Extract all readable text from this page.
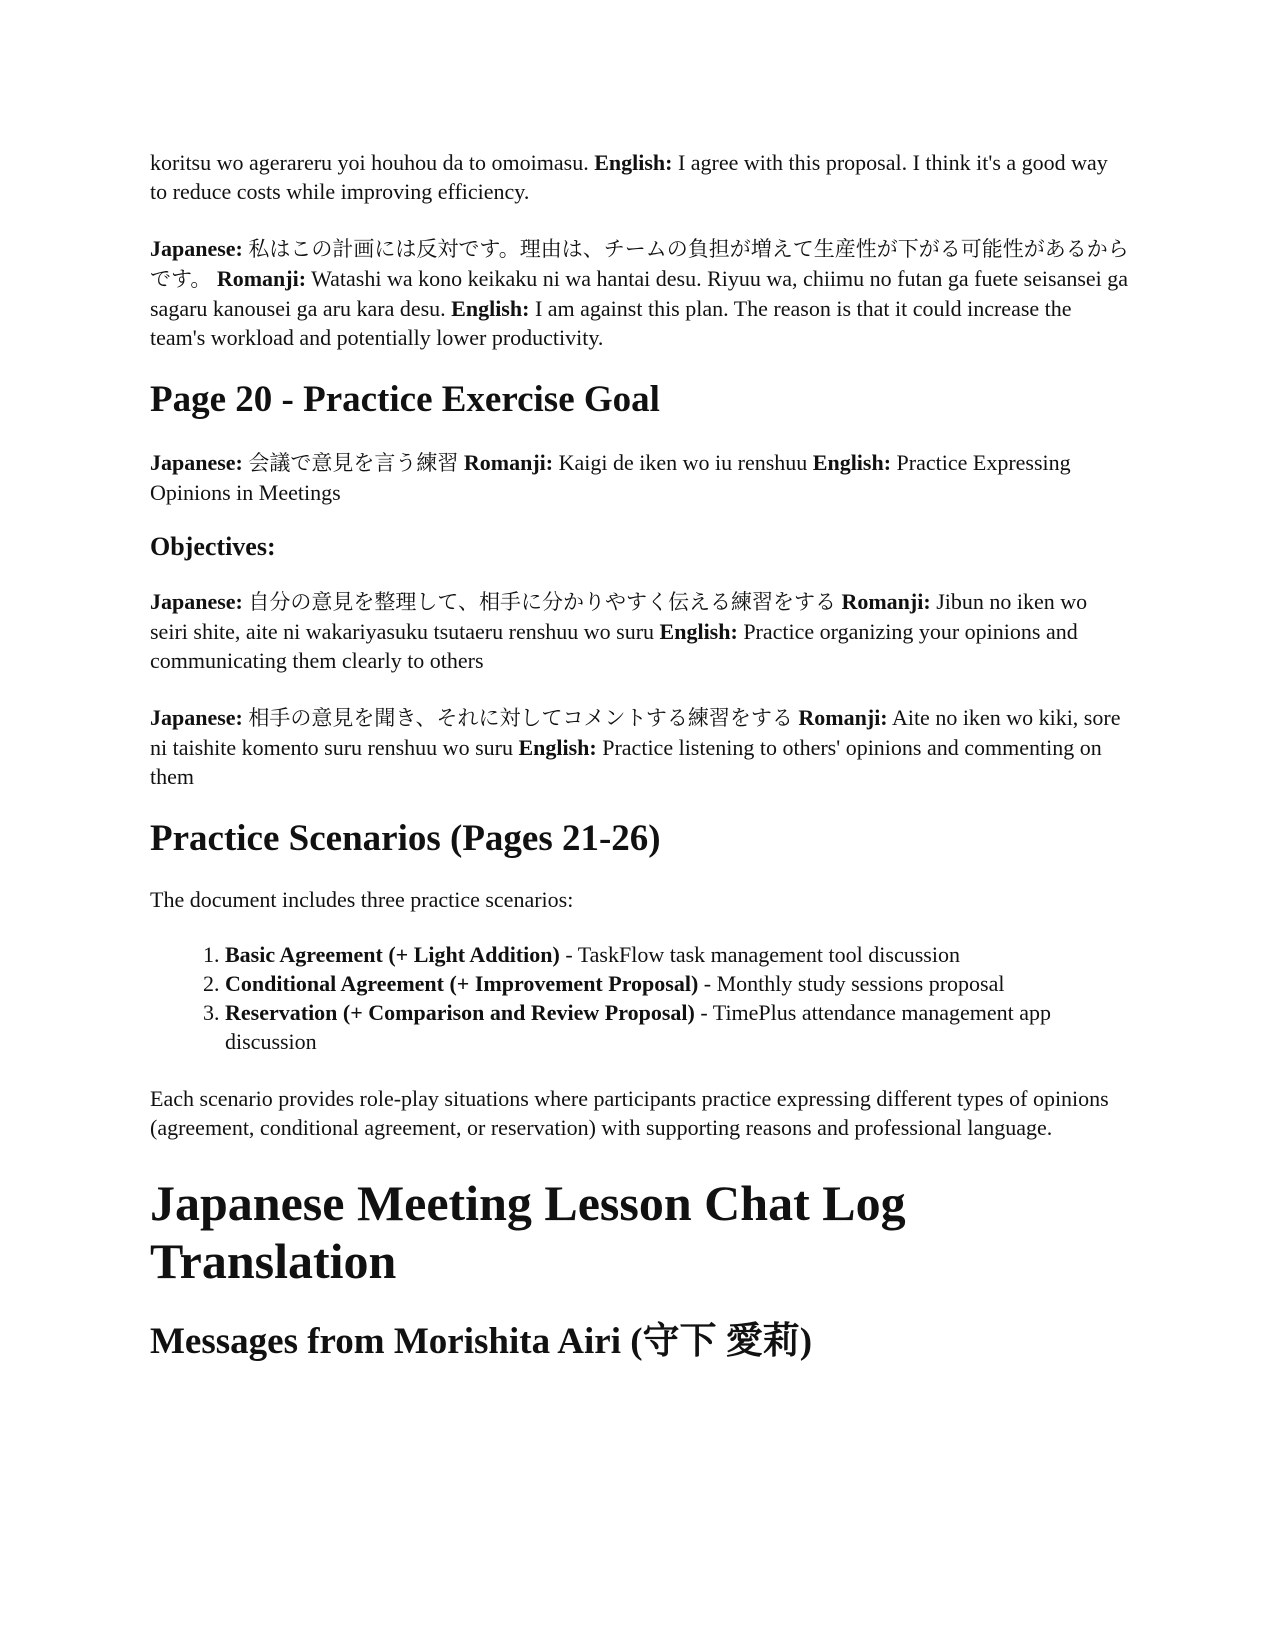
koritsu wo agerareru yoi houhou da to omoimasu. English: I agree with this proposal. I think it's a good way to reduce costs while improving efficiency.

Japanese: 私はこの計画には反対です。理由は、チームの負担が増えて生産性が下がる可能性があるからです。 Romanji: Watashi wa kono keikaku ni wa hantai desu. Riyuu wa, chiimu no futan ga fuete seisansei ga sagaru kanousei ga aru kara desu. English: I am against this plan. The reason is that it could increase the team's workload and potentially lower productivity.

Page 20 - Practice Exercise Goal

Japanese: 会議で意見を言う練習 Romanji: Kaigi de iken wo iu renshuu English: Practice Expressing Opinions in Meetings

Objectives:

Japanese: 自分の意見を整理して、相手に分かりやすく伝える練習をする Romanji: Jibun no iken wo seiri shite, aite ni wakariyasuku tsutaeru renshuu wo suru English: Practice organizing your opinions and communicating them clearly to others

Japanese: 相手の意見を聞き、それに対してコメントする練習をする Romanji: Aite no iken wo kiki, sore ni taishite komento suru renshuu wo suru English: Practice listening to others' opinions and commenting on them

Practice Scenarios (Pages 21-26)

The document includes three practice scenarios:

1. Basic Agreement (+ Light Addition) - TaskFlow task management tool discussion
2. Conditional Agreement (+ Improvement Proposal) - Monthly study sessions proposal
3. Reservation (+ Comparison and Review Proposal) - TimePlus attendance management app discussion

Each scenario provides role-play situations where participants practice expressing different types of opinions (agreement, conditional agreement, or reservation) with supporting reasons and professional language.

Japanese Meeting Lesson Chat Log Translation
Messages from Morishita Airi (守下 愛莉)
